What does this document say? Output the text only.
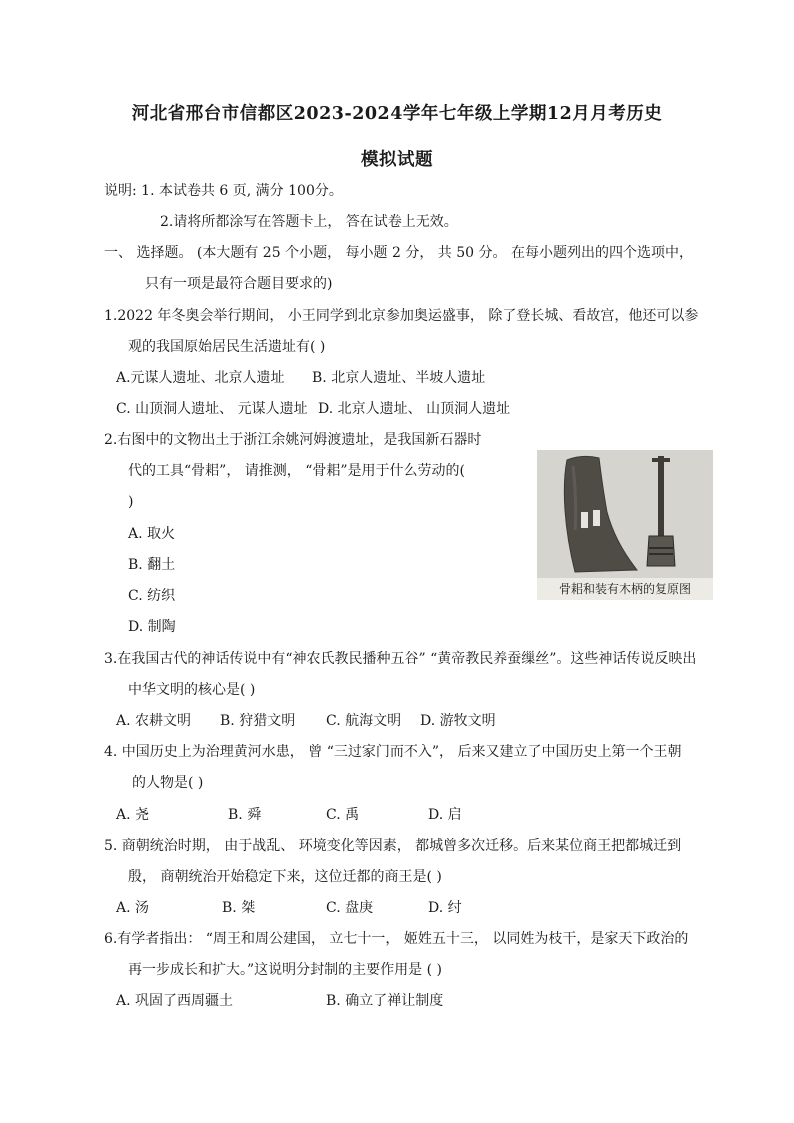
河北省邢台市信都区2023-2024学年七年级上学期12月月考历史
模拟试题
说明: 1. 本试卷共 6 页, 满分 100分。
2.请将所都涂写在答题卡上， 答在试卷上无效。
一、 选择题。 (本大题有 25 个小题， 每小题 2 分， 共 50 分。 在每小题列出的四个选项中，
只有一项是最符合题目要求的)
1.2022 年冬奥会举行期间， 小王同学到北京参加奥运盛事， 除了登长城、看故宫，他还可以参
观的我国原始居民生活遗址有( )
A.元谋人遗址、北京人遗址 B. 北京人遗址、半坡人遗址
C. 山顶洞人遗址、 元谋人遗址 D. 北京人遗址、 山顶洞人遗址
2.右图中的文物出土于浙江余姚河姆渡遗址，是我国新石器时
代的工具“骨耜”， 请推测， “骨耜”是用于什么劳动的(
)
A. 取火
B. 翻土
C. 纺织
D. 制陶
骨耜和装有木柄的复原图
3.在我国古代的神话传说中有“神农氏教民播种五谷” “黄帝教民养蚕缫丝”。这些神话传说反映出
中华文明的核心是( )
A. 农耕文明 B. 狩猎文明 C. 航海文明 D. 游牧文明
4. 中国历史上为治理黄河水患， 曾 “三过家门而不入”， 后来又建立了中国历史上第一个王朝
的人物是( )
A. 尧	B. 舜	C. 禹	D. 启
5. 商朝统治时期， 由于战乱、 环境变化等因素， 都城曾多次迁移。后来某位商王把都城迁到
殷， 商朝统治开始稳定下来，这位迁都的商王是( )
A. 汤	B. 桀	C. 盘庚	D. 纣
6.有学者指出： “周王和周公建国， 立七十一， 姬姓五十三， 以同姓为枝干，是家天下政治的
再一步成长和扩大。”这说明分封制的主要作用是 ( )
A. 巩固了西周疆土	B. 确立了禅让制度
